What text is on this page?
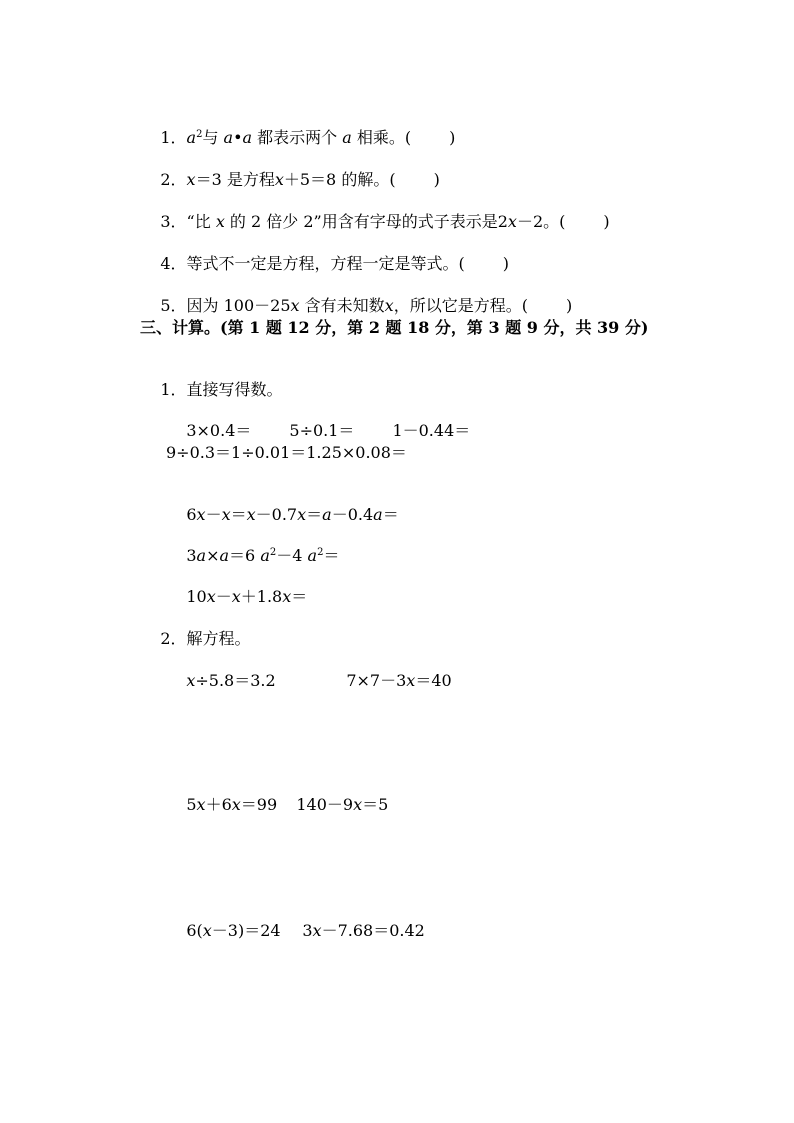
1．$a^2$与 a•a 都表示两个 a 相乘。( )

2．x＝3 是方程x＋5＝8 的解。( )

3．“比 x 的 2 倍少 2”用含有字母的式子表示是2x－2。( )

4．等式不一定是方程，方程一定是等式。( )

5．因为 100－25x 含有未知数x，所以它是方程。( )

三、计算。(第 1 题 12 分，第 2 题 18 分，第 3 题 9 分，共 39 分)

1．直接写得数。

3×0.4＝ 5÷0.1＝ 1－0.44＝

9÷0.3＝1÷0.01＝1.25×0.08＝

6x－x＝x－0.7x＝a－0.4a＝

3a×a＝6 $a^2-4$ $a^2=$

10x－x＋1.8x＝

2．解方程。

x÷5.8＝3.2
	7×7－3x＝40

5x＋6x＝99
	140－9x＝5

6(x－3)＝24
	3x－7.68＝0.42
